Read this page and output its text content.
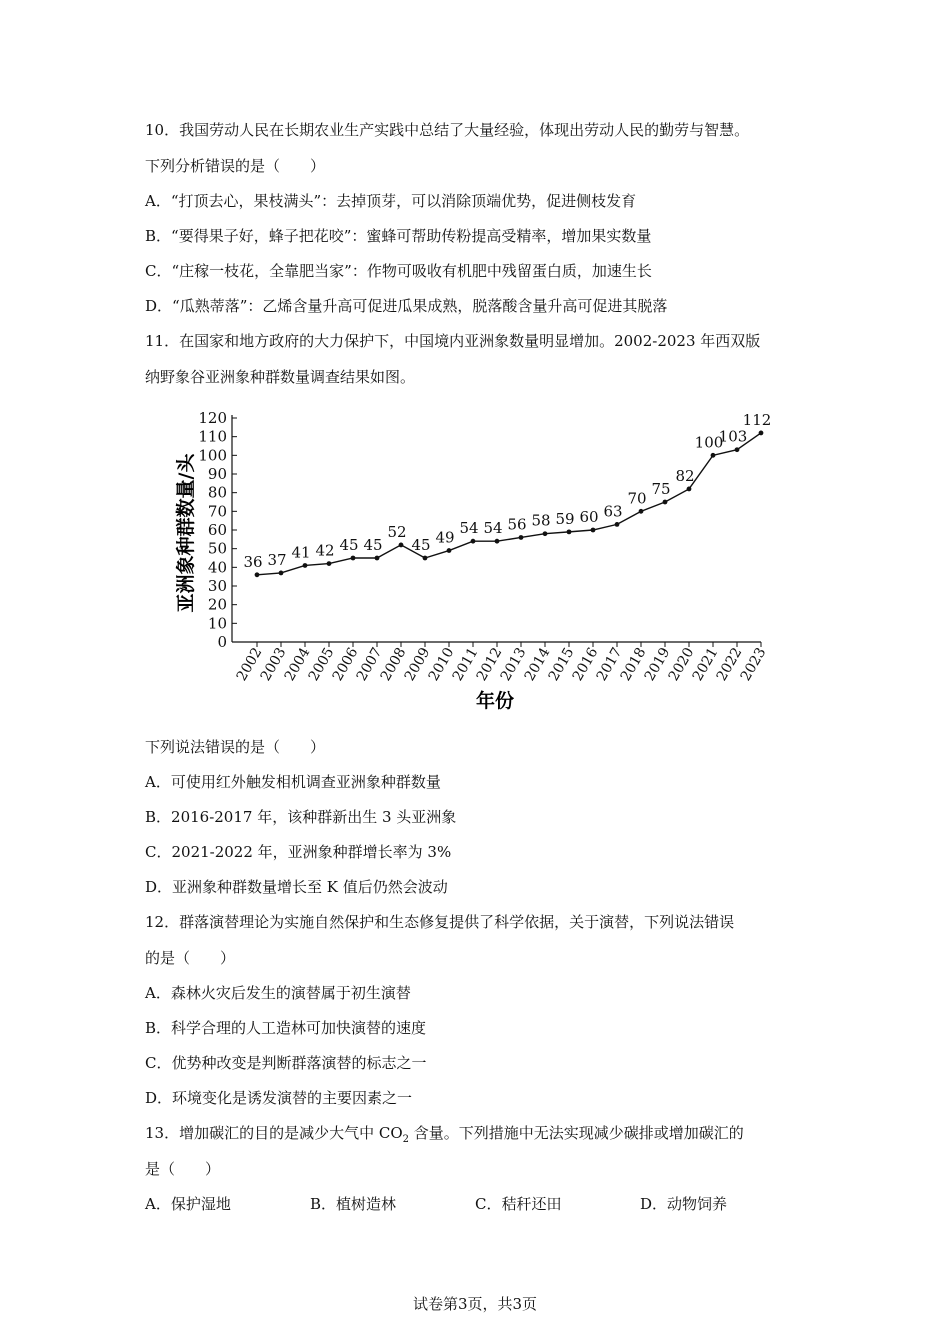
10．我国劳动人民在长期农业生产实践中总结了大量经验，体现出劳动人民的勤劳与智慧。
下列分析错误的是（　　）
A．“打顶去心，果枝满头”：去掉顶芽，可以消除顶端优势，促进侧枝发育
B．“要得果子好，蜂子把花咬”：蜜蜂可帮助传粉提高受精率，增加果实数量
C．“庄稼一枝花，全靠肥当家”：作物可吸收有机肥中残留蛋白质，加速生长
D．“瓜熟蒂落”：乙烯含量升高可促进瓜果成熟，脱落酸含量升高可促进其脱落
11．在国家和地方政府的大力保护下，中国境内亚洲象数量明显增加。2002-2023 年西双版
纳野象谷亚洲象种群数量调查结果如图。
0
10
20
30
40
50
60
70
80
90
100
110
120
2002
2003
2004
2005
2006
2007
2008
2009
2010
2011
2012
2013
2014
2015
2016
2017
2018
2019
2020
2021
2022
2023
36 37 41 42 45 45
52
45 49
54 54 56 58 59 60 63
70
75
82
100
103
112
亚洲象种群数量/头
年份
下列说法错误的是（　　）
A．可使用红外触发相机调查亚洲象种群数量
B．2016-2017 年，该种群新出生 3 头亚洲象
C．2021-2022 年，亚洲象种群增长率为 3%
D．亚洲象种群数量增长至 K 值后仍然会波动
12．群落演替理论为实施自然保护和生态修复提供了科学依据，关于演替，下列说法错误
的是（　　）
A．森林火灾后发生的演替属于初生演替
B．科学合理的人工造林可加快演替的速度
C．优势种改变是判断群落演替的标志之一
D．环境变化是诱发演替的主要因素之一
13．增加碳汇的目的是减少大气中 $CO_2$ 含量。下列措施中无法实现减少碳排或增加碳汇的
是（　　）
A．保护湿地	B．植树造林	C．秸秆还田	D．动物饲养
试卷第3页，共3页
